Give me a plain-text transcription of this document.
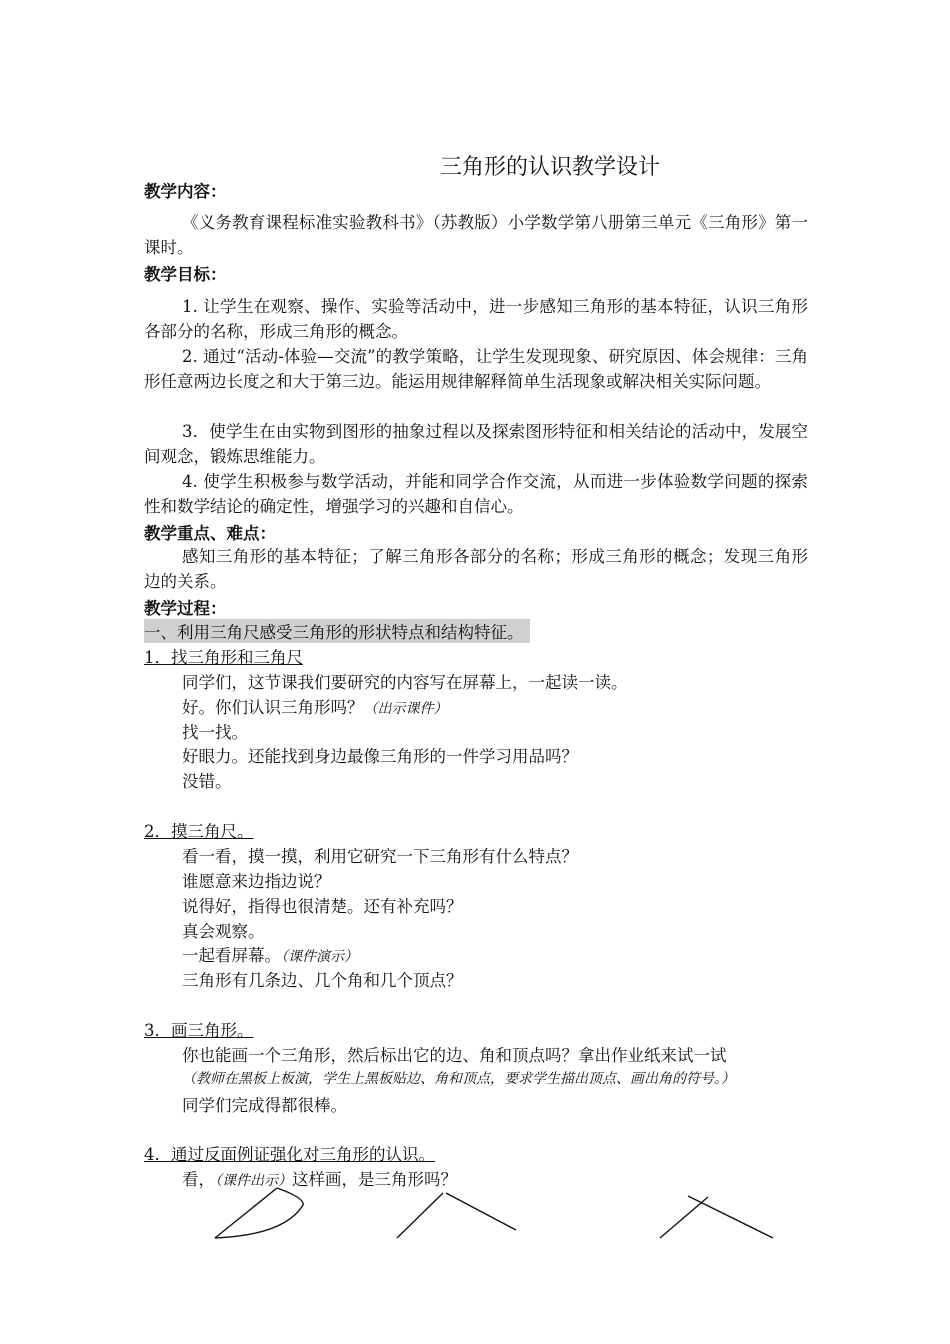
三角形的认识教学设计
教学内容：
《义务教育课程标准实验教科书》（苏教版）小学数学第八册第三单元《三角形》第一课时。
教学目标：
1. 让学生在观察、操作、实验等活动中，进一步感知三角形的基本特征，认识三角形各部分的名称，形成三角形的概念。
2. 通过“活动-体验—交流”的教学策略，让学生发现现象、研究原因、体会规律：三角形任意两边长度之和大于第三边。能运用规律解释简单生活现象或解决相关实际问题。
3．使学生在由实物到图形的抽象过程以及探索图形特征和相关结论的活动中，发展空间观念，锻炼思维能力。
4. 使学生积极参与数学活动，并能和同学合作交流，从而进一步体验数学问题的探索性和数学结论的确定性，增强学习的兴趣和自信心。
教学重点、难点：
感知三角形的基本特征；了解三角形各部分的名称；形成三角形的概念；发现三角形边的关系。
教学过程：
一、利用三角尺感受三角形的形状特点和结构特征。
1．找三角形和三角尺
同学们，这节课我们要研究的内容写在屏幕上，一起读一读。
好。你们认识三角形吗？（出示课件）
找一找。
好眼力。还能找到身边最像三角形的一件学习用品吗？
没错。
2．摸三角尺。
看一看，摸一摸，利用它研究一下三角形有什么特点？
谁愿意来边指边说？
说得好，指得也很清楚。还有补充吗？
真会观察。
一起看屏幕。（课件演示）
三角形有几条边、几个角和几个顶点？
3．画三角形。
你也能画一个三角形，然后标出它的边、角和顶点吗？拿出作业纸来试一试
（教师在黑板上板演，学生上黑板贴边、角和顶点，要求学生描出顶点、画出角的符号。）
同学们完成得都很棒。
4．通过反面例证强化对三角形的认识。
看，（课件出示）这样画，是三角形吗？
